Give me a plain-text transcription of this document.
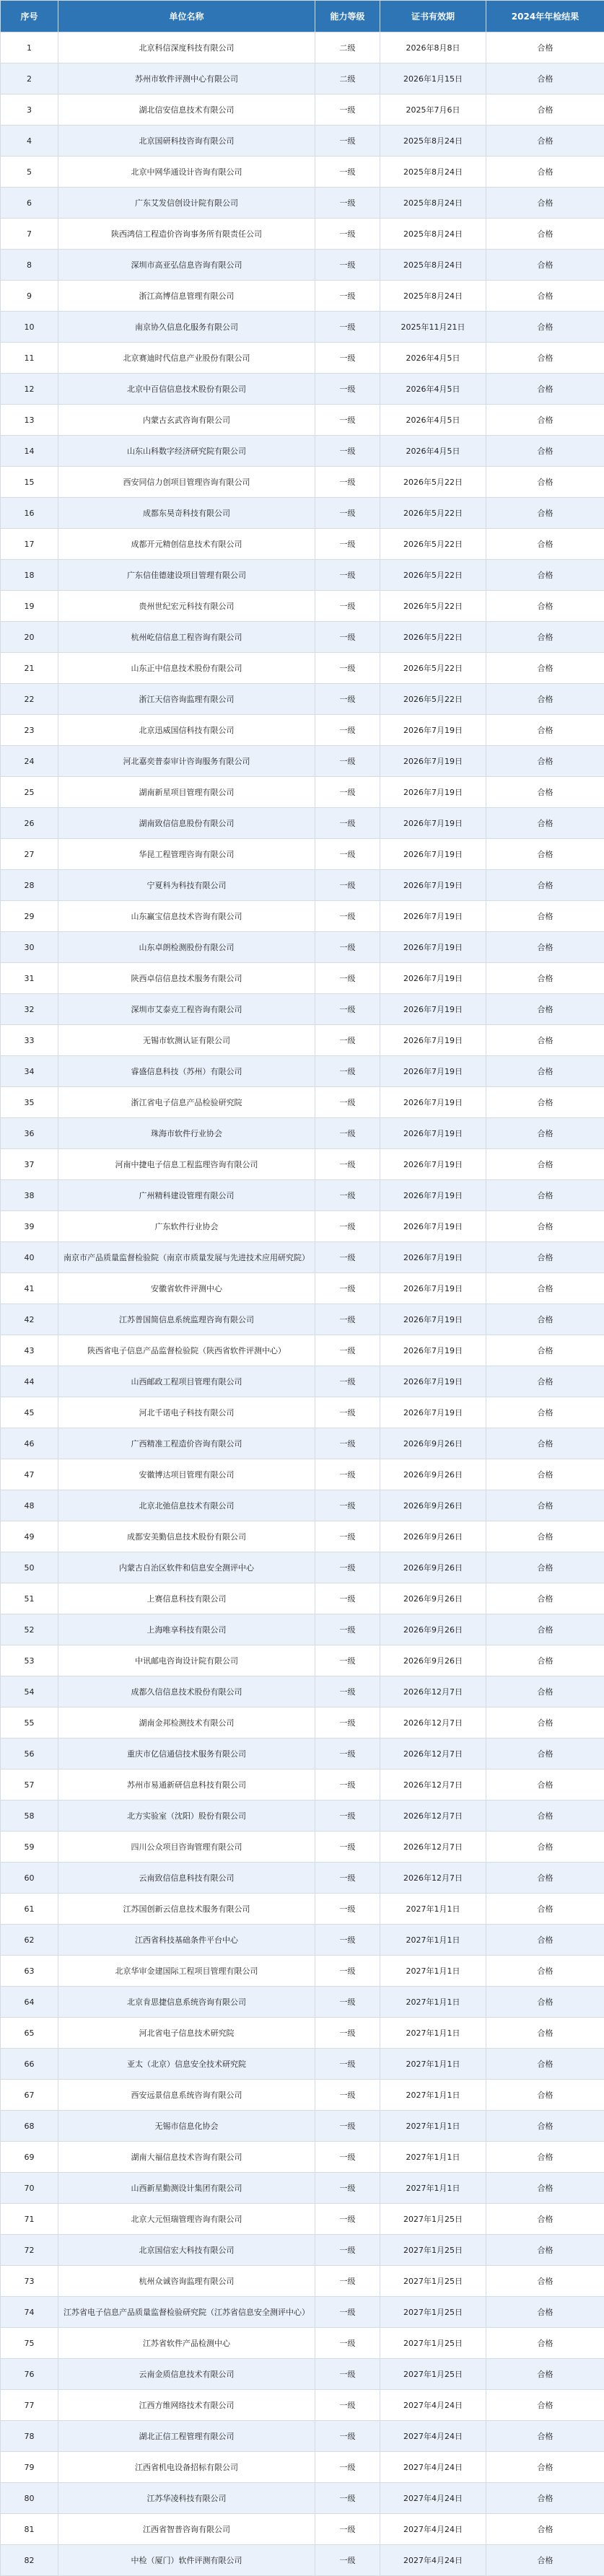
序号	单位名称	能力等级	证书有效期	2024年年检结果
1	北京科信深度科技有限公司	二级	2026年8月8日	合格
2	苏州市软件评测中心有限公司	二级	2026年1月15日	合格
3	湖北信安信息技术有限公司	一级	2025年7月6日	合格
4	北京国研科技咨询有限公司	一级	2025年8月24日	合格
5	北京中网华通设计咨询有限公司	一级	2025年8月24日	合格
6	广东艾发信创设计院有限公司	一级	2025年8月24日	合格
7	陕西鸿信工程造价咨询事务所有限责任公司	一级	2025年8月24日	合格
8	深圳市高亚弘信息咨询有限公司	一级	2025年8月24日	合格
9	浙江高博信息管理有限公司	一级	2025年8月24日	合格
10	南京协久信息化服务有限公司	一级	2025年11月21日	合格
11	北京赛迪时代信息产业股份有限公司	一级	2026年4月5日	合格
12	北京中百信信息技术股份有限公司	一级	2026年4月5日	合格
13	内蒙古玄武咨询有限公司	一级	2026年4月5日	合格
14	山东山科数字经济研究院有限公司	一级	2026年4月5日	合格
15	西安同信力创项目管理咨询有限公司	一级	2026年5月22日	合格
16	成都东昊奇科技有限公司	一级	2026年5月22日	合格
17	成都开元精创信息技术有限公司	一级	2026年5月22日	合格
18	广东信佳德建设项目管理有限公司	一级	2026年5月22日	合格
19	贵州世纪宏元科技有限公司	一级	2026年5月22日	合格
20	杭州屹信信息工程咨询有限公司	一级	2026年5月22日	合格
21	山东正中信息技术股份有限公司	一级	2026年5月22日	合格
22	浙江天信咨询监理有限公司	一级	2026年5月22日	合格
23	北京迅威国信科技有限公司	一级	2026年7月19日	合格
24	河北嘉奕普泰审计咨询服务有限公司	一级	2026年7月19日	合格
25	湖南新星项目管理有限公司	一级	2026年7月19日	合格
26	湖南致信信息股份有限公司	一级	2026年7月19日	合格
27	华昆工程管理咨询有限公司	一级	2026年7月19日	合格
28	宁夏科为科技有限公司	一级	2026年7月19日	合格
29	山东赢宝信息技术咨询有限公司	一级	2026年7月19日	合格
30	山东卓朗检测股份有限公司	一级	2026年7月19日	合格
31	陕西卓信信息技术服务有限公司	一级	2026年7月19日	合格
32	深圳市艾泰克工程咨询有限公司	一级	2026年7月19日	合格
33	无锡市软测认证有限公司	一级	2026年7月19日	合格
34	睿盛信息科技（苏州）有限公司	一级	2026年7月19日	合格
35	浙江省电子信息产品检验研究院	一级	2026年7月19日	合格
36	珠海市软件行业协会	一级	2026年7月19日	合格
37	河南中捷电子信息工程监理咨询有限公司	一级	2026年7月19日	合格
38	广州精科建设管理有限公司	一级	2026年7月19日	合格
39	广东软件行业协会	一级	2026年7月19日	合格
40	南京市产品质量监督检验院（南京市质量发展与先进技术应用研究院）	一级	2026年7月19日	合格
41	安徽省软件评测中心	一级	2026年7月19日	合格
42	江苏普国简信息系统监理咨询有限公司	一级	2026年7月19日	合格
43	陕西省电子信息产品监督检验院（陕西省软件评测中心）	一级	2026年7月19日	合格
44	山西邮政工程项目管理有限公司	一级	2026年7月19日	合格
45	河北千诺电子科技有限公司	一级	2026年7月19日	合格
46	广西精准工程造价咨询有限公司	一级	2026年9月26日	合格
47	安徽博达项目管理有限公司	一级	2026年9月26日	合格
48	北京北弛信息技术有限公司	一级	2026年9月26日	合格
49	成都安美勤信息技术股份有限公司	一级	2026年9月26日	合格
50	内蒙古自治区软件和信息安全测评中心	一级	2026年9月26日	合格
51	上赛信息科技有限公司	一级	2026年9月26日	合格
52	上海唯享科技有限公司	一级	2026年9月26日	合格
53	中讯邮电咨询设计院有限公司	一级	2026年9月26日	合格
54	成都久信信息技术股份有限公司	一级	2026年12月7日	合格
55	湖南金邦检测技术有限公司	一级	2026年12月7日	合格
56	重庆市亿信通信技术服务有限公司	一级	2026年12月7日	合格
57	苏州市易通新研信息科技有限公司	一级	2026年12月7日	合格
58	北方实验室（沈阳）股份有限公司	一级	2026年12月7日	合格
59	四川公众项目咨询管理有限公司	一级	2026年12月7日	合格
60	云南致信信息科技有限公司	一级	2026年12月7日	合格
61	江苏国创新云信息技术服务有限公司	一级	2027年1月1日	合格
62	江西省科技基础条件平台中心	一级	2027年1月1日	合格
63	北京华审金建国际工程项目管理有限公司	一级	2027年1月1日	合格
64	北京肯思捷信息系统咨询有限公司	一级	2027年1月1日	合格
65	河北省电子信息技术研究院	一级	2027年1月1日	合格
66	亚太（北京）信息安全技术研究院	一级	2027年1月1日	合格
67	西安远景信息系统咨询有限公司	一级	2027年1月1日	合格
68	无锡市信息化协会	一级	2027年1月1日	合格
69	湖南大福信息技术咨询有限公司	一级	2027年1月1日	合格
70	山西新星勤测设计集团有限公司	一级	2027年1月1日	合格
71	北京大元恒瑞管理咨询有限公司	一级	2027年1月25日	合格
72	北京国信宏大科技有限公司	一级	2027年1月25日	合格
73	杭州众诚咨询监理有限公司	一级	2027年1月25日	合格
74	江苏省电子信息产品质量监督检验研究院（江苏省信息安全测评中心）	一级	2027年1月25日	合格
75	江苏省软件产品检测中心	一级	2027年1月25日	合格
76	云南金质信息技术有限公司	一级	2027年1月25日	合格
77	江西方维网络技术有限公司	一级	2027年4月24日	合格
78	湖北正信工程管理有限公司	一级	2027年4月24日	合格
79	江西省机电设备招标有限公司	一级	2027年4月24日	合格
80	江苏华凌科技有限公司	一级	2027年4月24日	合格
81	江西省智普咨询有限公司	一级	2027年4月24日	合格
82	中检（厦门）软件评测有限公司	一级	2027年4月24日	合格
